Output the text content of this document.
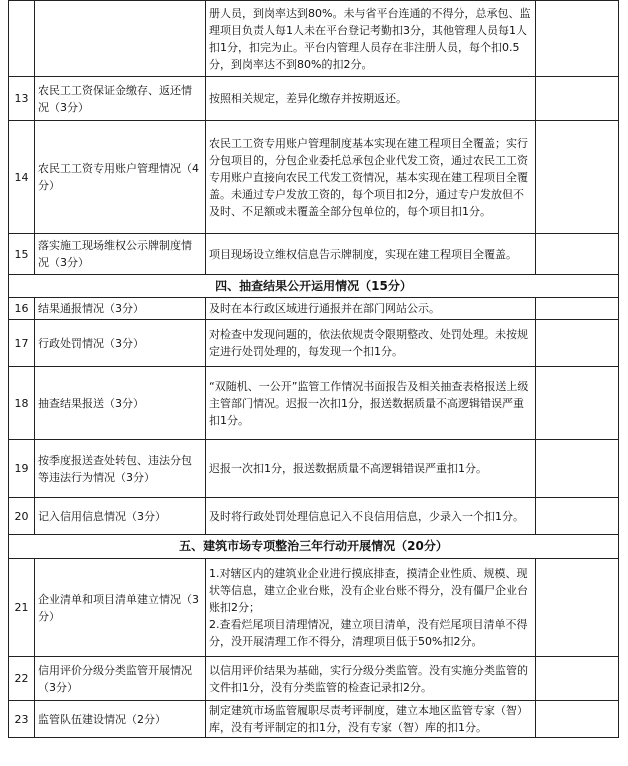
		册人员，到岗率达到80%。未与省平台连通的不得分，总承包、监理项目负责人每1人未在平台登记考勤扣3分，其他管理人员每1人扣1分，扣完为止。平台内管理人员存在非注册人员，每个扣0.5分，到岗率达不到80%的扣2分。	
13	农民工工资保证金缴存、返还情况（3分）	按照相关规定，差异化缴存并按期返还。	
14	农民工工资专用账户管理情况（4分）	农民工工资专用账户管理制度基本实现在建工程项目全覆盖；实行分包项目的，分包企业委托总承包企业代发工资，通过农民工工资专用账户直接向农民工代发工资情况，基本实现在建工程项目全覆盖。未通过专户发放工资的，每个项目扣2分，通过专户发放但不及时、不足额或未覆盖全部分包单位的，每个项目扣1分。	
15	落实施工现场维权公示牌制度情况（3分）	项目现场设立维权信息告示牌制度，实现在建工程项目全覆盖。	
四、抽查结果公开运用情况（15分）			
16	结果通报情况（3分）	及时在本行政区域进行通报并在部门网站公示。	
17	行政处罚情况（3分）	对检查中发现问题的，依法依规责令限期整改、处罚处理。未按规定进行处罚处理的，每发现一个扣1分。	
18	抽查结果报送（3分）	“双随机、一公开”监管工作情况书面报告及相关抽查表格报送上级主管部门情况。迟报一次扣1分，报送数据质量不高逻辑错误严重扣1分。	
19	按季度报送查处转包、违法分包等违法行为情况（3分）	迟报一次扣1分，报送数据质量不高逻辑错误严重扣1分。	
20	记入信用信息情况（3分）	及时将行政处罚处理信息记入不良信用信息，少录入一个扣1分。	
五、建筑市场专项整治三年行动开展情况（20分）			
21	企业清单和项目清单建立情况（3分）	1.对辖区内的建筑业企业进行摸底排查，摸清企业性质、规模、现状等信息，建立企业台账，没有企业台账不得分，没有僵尸企业台账扣2分；
2.查看烂尾项目清理情况，建立项目清单，没有烂尾项目清单不得分，没开展清理工作不得分，清理项目低于50%扣2分。	
22	信用评价分级分类监管开展情况（3分）	以信用评价结果为基础，实行分级分类监管。没有实施分类监管的文件扣1分，没有分类监管的检查记录扣2分。	
23	监管队伍建设情况（2分）	制定建筑市场监管履职尽责考评制度，建立本地区监管专家（智）库，没有考评制定的扣1分，没有专家（智）库的扣1分。	
